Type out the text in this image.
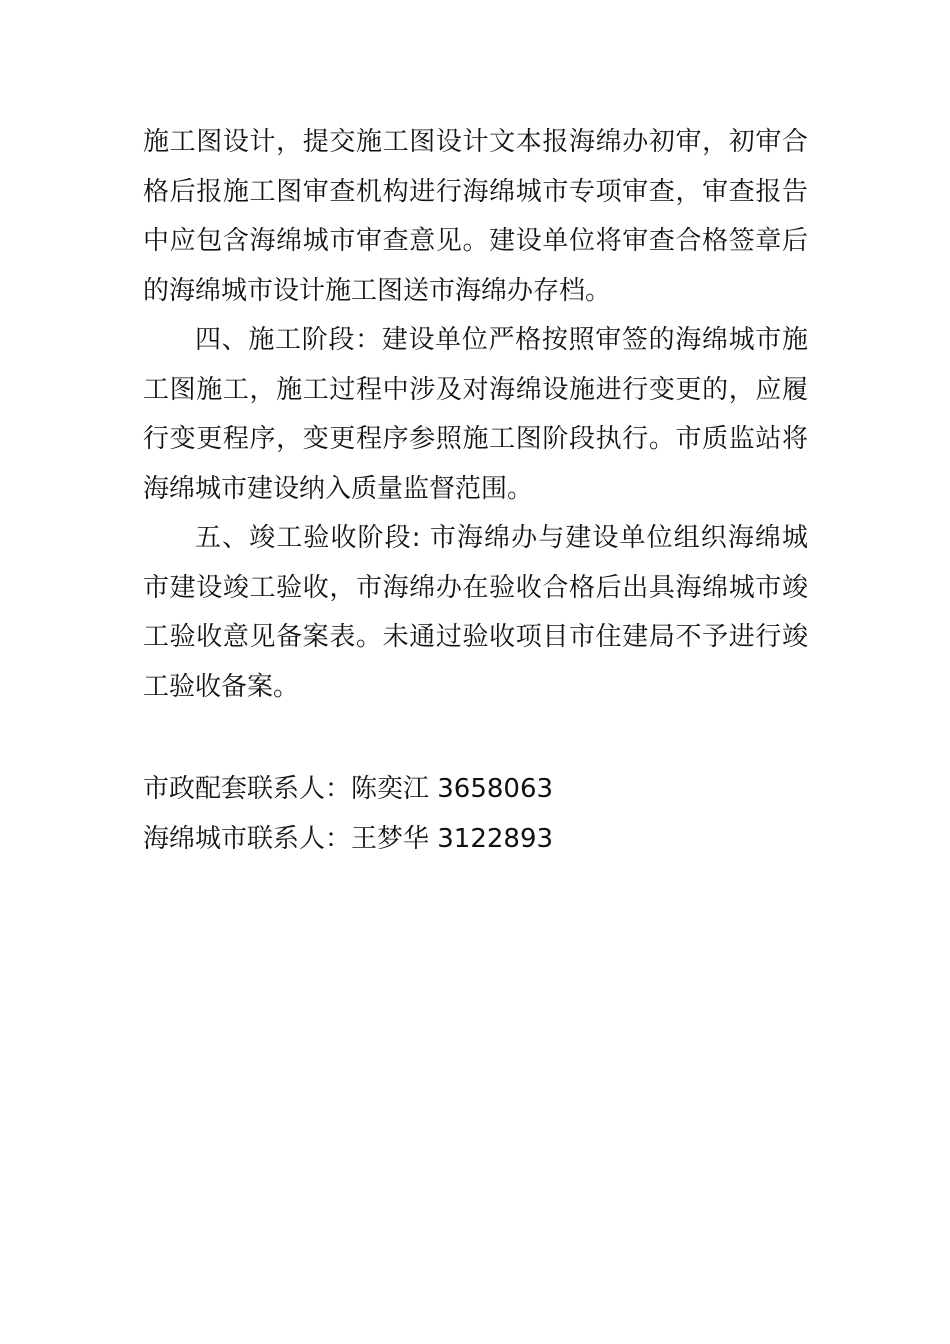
施工图设计，提交施工图设计文本报海绵办初审，初审合格后报施工图审查机构进行海绵城市专项审查，审查报告中应包含海绵城市审查意见。建设单位将审查合格签章后的海绵城市设计施工图送市海绵办存档。

四、施工阶段：建设单位严格按照审签的海绵城市施工图施工，施工过程中涉及对海绵设施进行变更的，应履行变更程序，变更程序参照施工图阶段执行。市质监站将海绵城市建设纳入质量监督范围。

五、竣工验收阶段: 市海绵办与建设单位组织海绵城市建设竣工验收，市海绵办在验收合格后出具海绵城市竣工验收意见备案表。未通过验收项目市住建局不予进行竣工验收备案。

市政配套联系人：陈奕江 3658063

海绵城市联系人：王梦华 3122893
